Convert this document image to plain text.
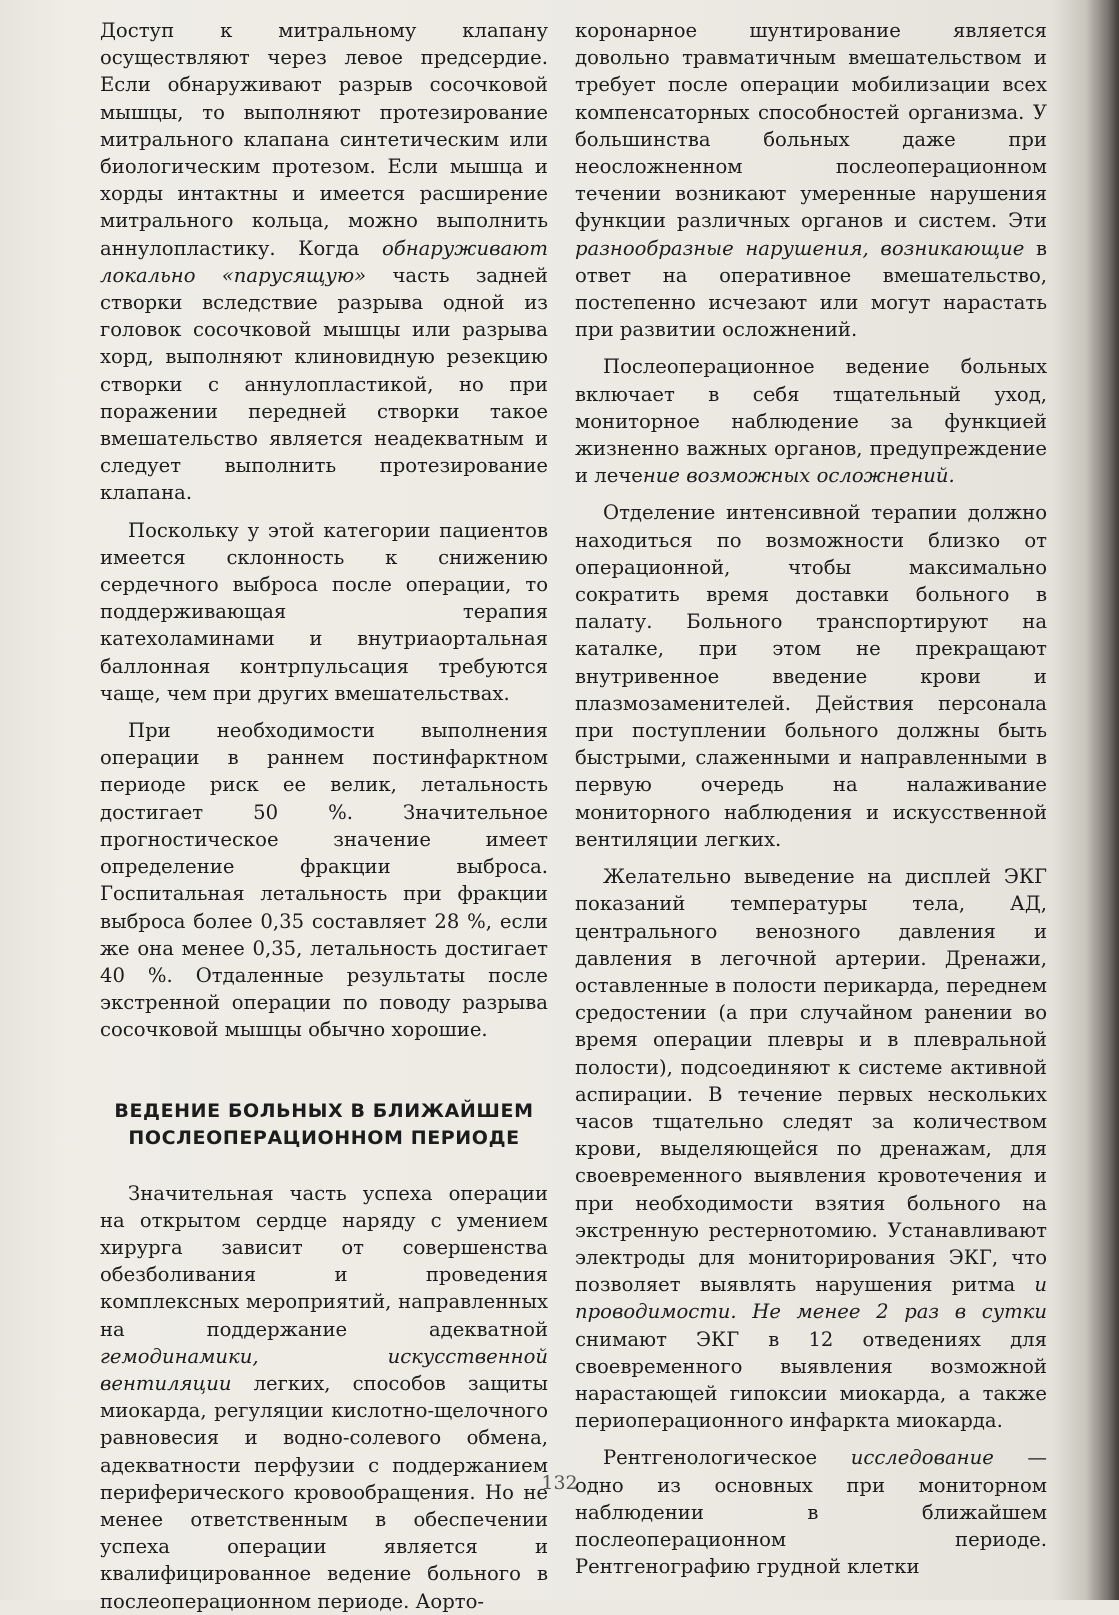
Доступ к митральному клапану осуществляют через левое предсердие. Если обнаруживают разрыв сосочковой мышцы, то выполняют протезирование митрального клапана синтетическим или биологическим протезом. Если мышца и хорды интактны и имеется расширение митрального кольца, можно выполнить аннулопластику. Когда обнаруживают локально «парусящую» часть задней створки вследствие разрыва одной из головок сосочковой мышцы или разрыва хорд, выполняют клиновидную резекцию створки с аннулопластикой, но при поражении передней створки такое вмешательство является неадекватным и следует выполнить протезирование клапана.

Поскольку у этой категории пациентов имеется склонность к снижению сердечного выброса после операции, то поддерживающая терапия катехоламинами и внутриаортальная баллонная контрпульсация требуются чаще, чем при других вмешательствах.

При необходимости выполнения операции в раннем постинфарктном периоде риск ее велик, летальность достигает 50 %. Значительное прогностическое значение имеет определение фракции выброса. Госпитальная летальность при фракции выброса более 0,35 составляет 28 %, если же она менее 0,35, летальность достигает 40 %. Отдаленные результаты после экстренной операции по поводу разрыва сосочковой мышцы обычно хорошие.

ВЕДЕНИЕ БОЛЬНЫХ В БЛИЖАЙШЕМ
ПОСЛЕОПЕРАЦИОННОМ ПЕРИОДЕ

Значительная часть успеха операции на открытом сердце наряду с умением хирурга зависит от совершенства обезболивания и проведения комплексных мероприятий, направленных на поддержание адекватной гемодинамики, искусственной вентиляции легких, способов защиты миокарда, регуляции кислотно-щелочного равновесия и водно-солевого обмена, адекватности перфузии с поддержанием периферического кровообращения. Но не менее ответственным в обеспечении успеха операции является и квалифицированное ведение больного в послеоперационном периоде. Аорто-

коронарное шунтирование является довольно травматичным вмешательством и требует после операции мобилизации всех компенсаторных способностей организма. У большинства больных даже при неосложненном послеоперационном течении возникают умеренные нарушения функции различных органов и систем. Эти разнообразные нарушения, возникающие в ответ на оперативное вмешательство, постепенно исчезают или могут нарастать при развитии осложнений.

Послеоперационное ведение больных включает в себя тщательный уход, мониторное наблюдение за функцией жизненно важных органов, предупреждение и лечение возможных осложнений.

Отделение интенсивной терапии должно находиться по возможности близко от операционной, чтобы максимально сократить время доставки больного в палату. Больного транспортируют на каталке, при этом не прекращают внутривенное введение крови и плазмозаменителей. Действия персонала при поступлении больного должны быть быстрыми, слаженными и направленными в первую очередь на налаживание мониторного наблюдения и искусственной вентиляции легких.

Желательно выведение на дисплей ЭКГ показаний температуры тела, АД, центрального венозного давления и давления в легочной артерии. Дренажи, оставленные в полости перикарда, переднем средостении (а при случайном ранении во время операции плевры и в плевральной полости), подсоединяют к системе активной аспирации. В течение первых нескольких часов тщательно следят за количеством крови, выделяющейся по дренажам, для своевременного выявления кровотечения и при необходимости взятия больного на экстренную рестернотомию. Устанавливают электроды для мониторирования ЭКГ, что позволяет выявлять нарушения ритма и проводимости. Не менее 2 раз в сутки снимают ЭКГ в 12 отведениях для своевременного выявления возможной нарастающей гипоксии миокарда, а также периоперационного инфаркта миокарда.

Рентгенологическое исследование — одно из основных при мониторном наблюдении в ближайшем послеоперационном периоде. Рентгенографию грудной клетки

132
